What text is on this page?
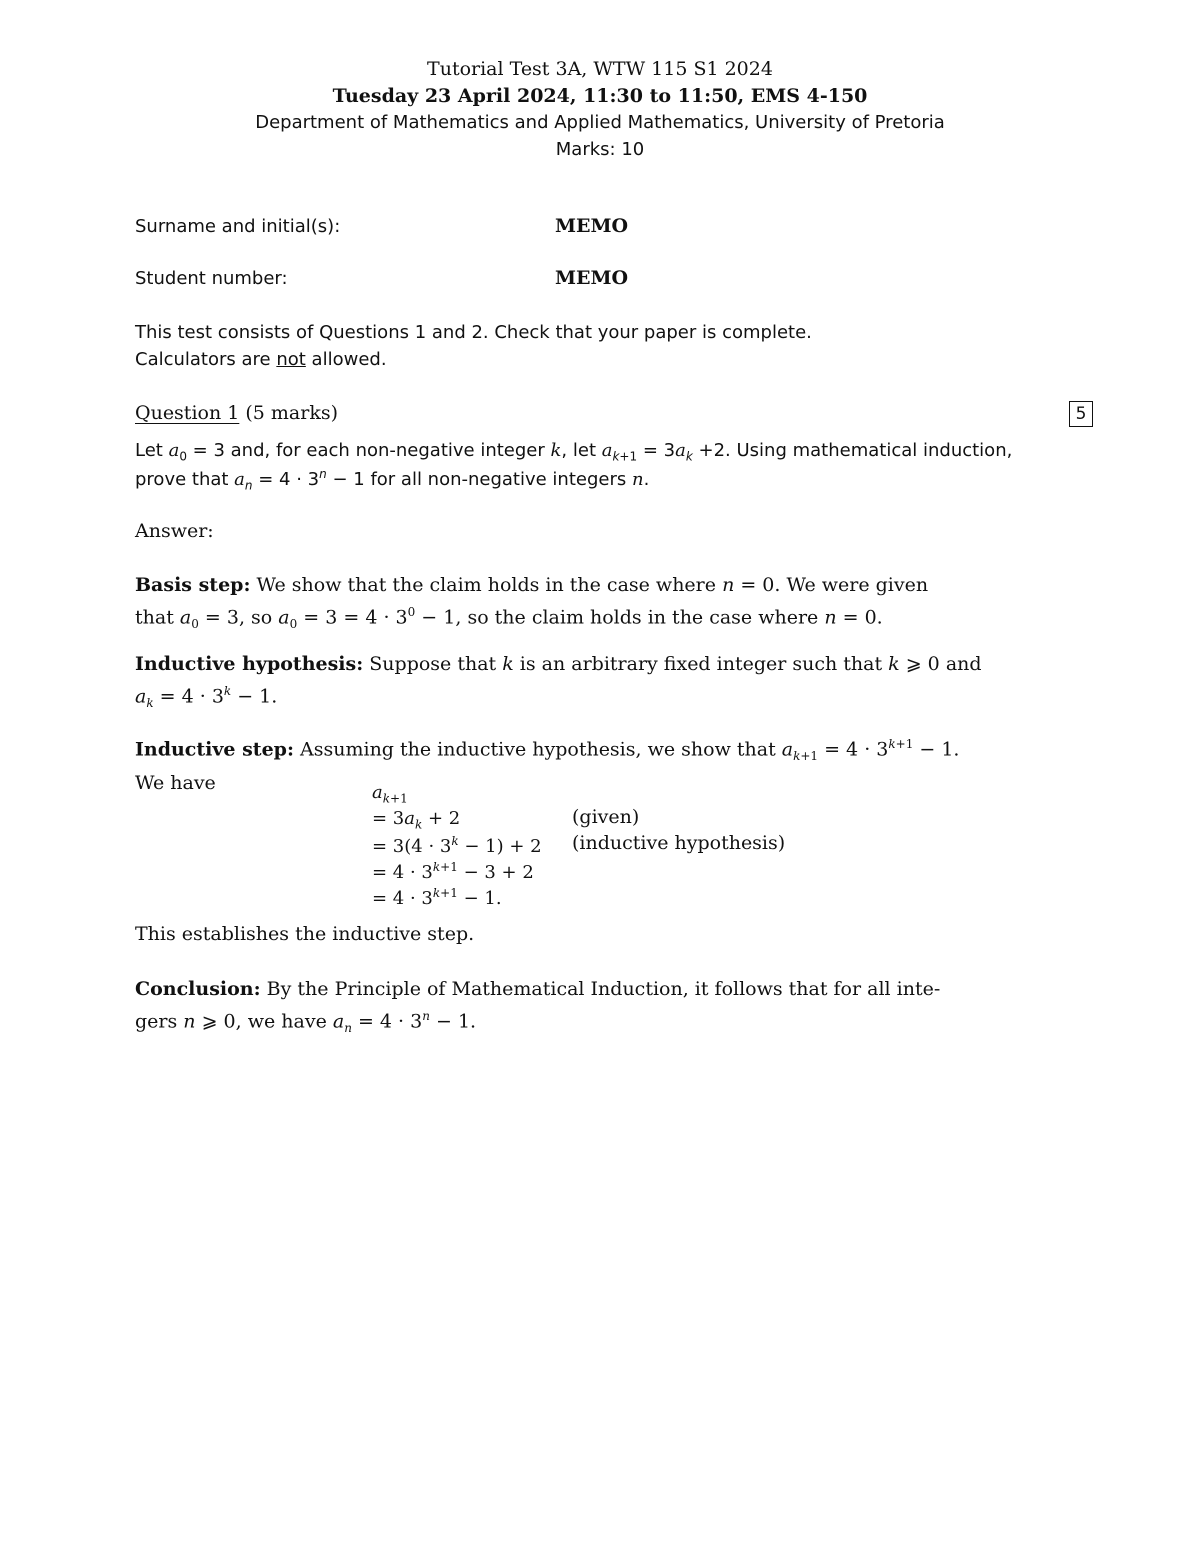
Tutorial Test 3A, WTW 115 S1 2024
Tuesday 23 April 2024, 11:30 to 11:50, EMS 4-150
Department of Mathematics and Applied Mathematics, University of Pretoria
Marks: 10
Surname and initial(s):	MEMO
Student number:	MEMO
This test consists of Questions 1 and 2. Check that your paper is complete.
Calculators are not allowed.
Question 1 (5 marks)	5
Let $a_0 = 3$ and, for each non-negative integer k, let $a_{k+1} = 3a_k +2$. Using mathematical induction,
prove that $a_n = 4 \cdot 3^n - 1$ for all non-negative integers n.
Answer:
Basis step: We show that the claim holds in the case where n = 0. We were given
that $a_0 = 3$, so $a_0 = 3 = 4 \cdot 3^0 - 1$, so the claim holds in the case where n = 0.
Inductive hypothesis: Suppose that k is an arbitrary fixed integer such that k ⩾ 0 and
$a_k = 4 \cdot 3^k - 1$.
Inductive step: Assuming the inductive hypothesis, we show that $a_{k+1} = 4 \cdot 3^{k+1} - 1$.
We have	$a_{k+1}$
= $3a_k + 2$	(given)
= $3(4 \cdot 3^k - 1) + 2$ (inductive hypothesis)
= $4 \cdot 3^{k+1} - 3 + 2$
= $4 \cdot 3^{k+1} - 1$.
This establishes the inductive step.
Conclusion: By the Principle of Mathematical Induction, it follows that for all inte-
gers n ⩾ 0, we have $a_n = 4 \cdot 3^n - 1$.
